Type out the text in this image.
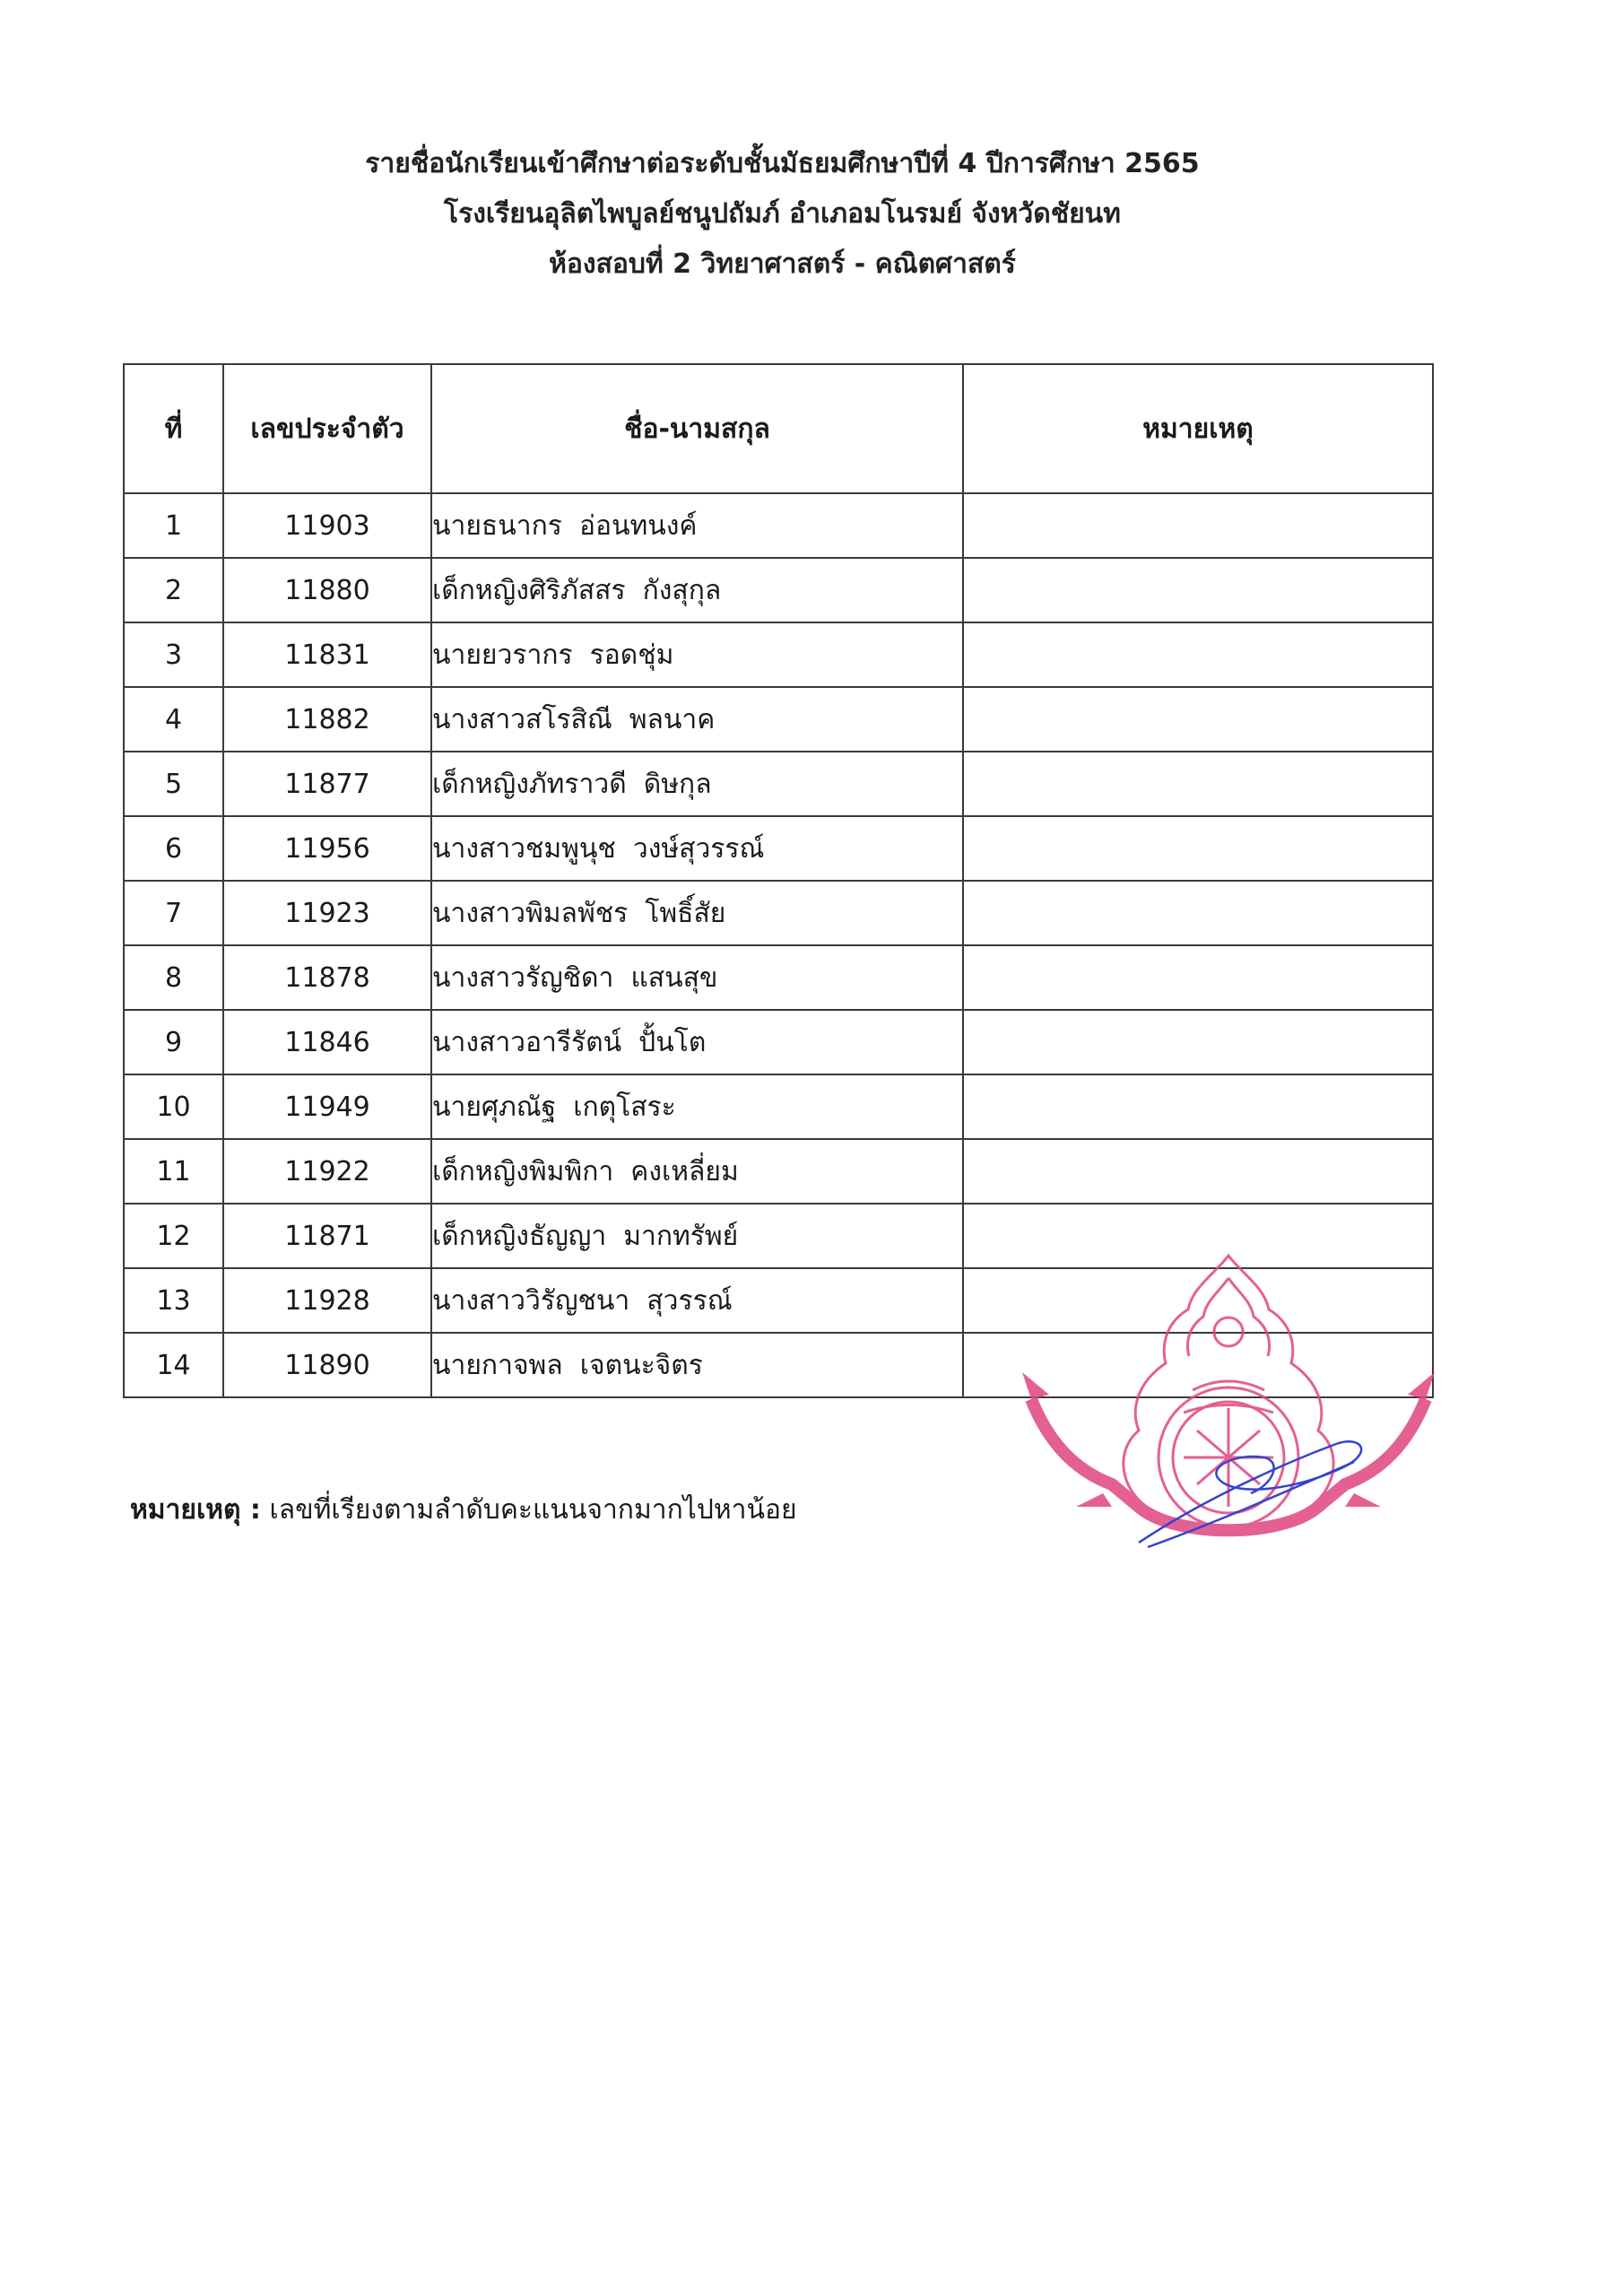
รายชื่อนักเรียนเข้าศึกษาต่อระดับชั้นมัธยมศึกษาปีที่ 4 ปีการศึกษา 2565
โรงเรียนอุลิตไพบูลย์ชนูปถัมภ์ อำเภอมโนรมย์ จังหวัดชัยนท
ห้องสอบที่ 2 วิทยาศาสตร์ - คณิตศาสตร์
ที่	เลขประจำตัว	ชื่อ-นามสกุล	หมายเหตุ
1	11903	นายธนากร  อ่อนทนงค์	
2	11880	เด็กหญิงศิริภัสสร  กังสุกุล	
3	11831	นายยวรากร  รอดชุ่ม	
4	11882	นางสาวสโรสิณี  พลนาค	
5	11877	เด็กหญิงภัทราวดี  ดิษกุล	
6	11956	นางสาวชมพูนุช  วงษ์สุวรรณ์	
7	11923	นางสาวพิมลพัชร  โพธิ์สัย	
8	11878	นางสาวรัญชิดา  แสนสุข	
9	11846	นางสาวอารีรัตน์  ปั้นโต	
10	11949	นายศุภณัฐ  เกตุโสระ	
11	11922	เด็กหญิงพิมพิกา  คงเหลี่ยม	
12	11871	เด็กหญิงธัญญา  มากทรัพย์	
13	11928	นางสาววิรัญชนา  สุวรรณ์	
14	11890	นายกาจพล  เจตนะจิตร	
หมายเหตุ : เลขที่เรียงตามลำดับคะแนนจากมากไปหาน้อย
